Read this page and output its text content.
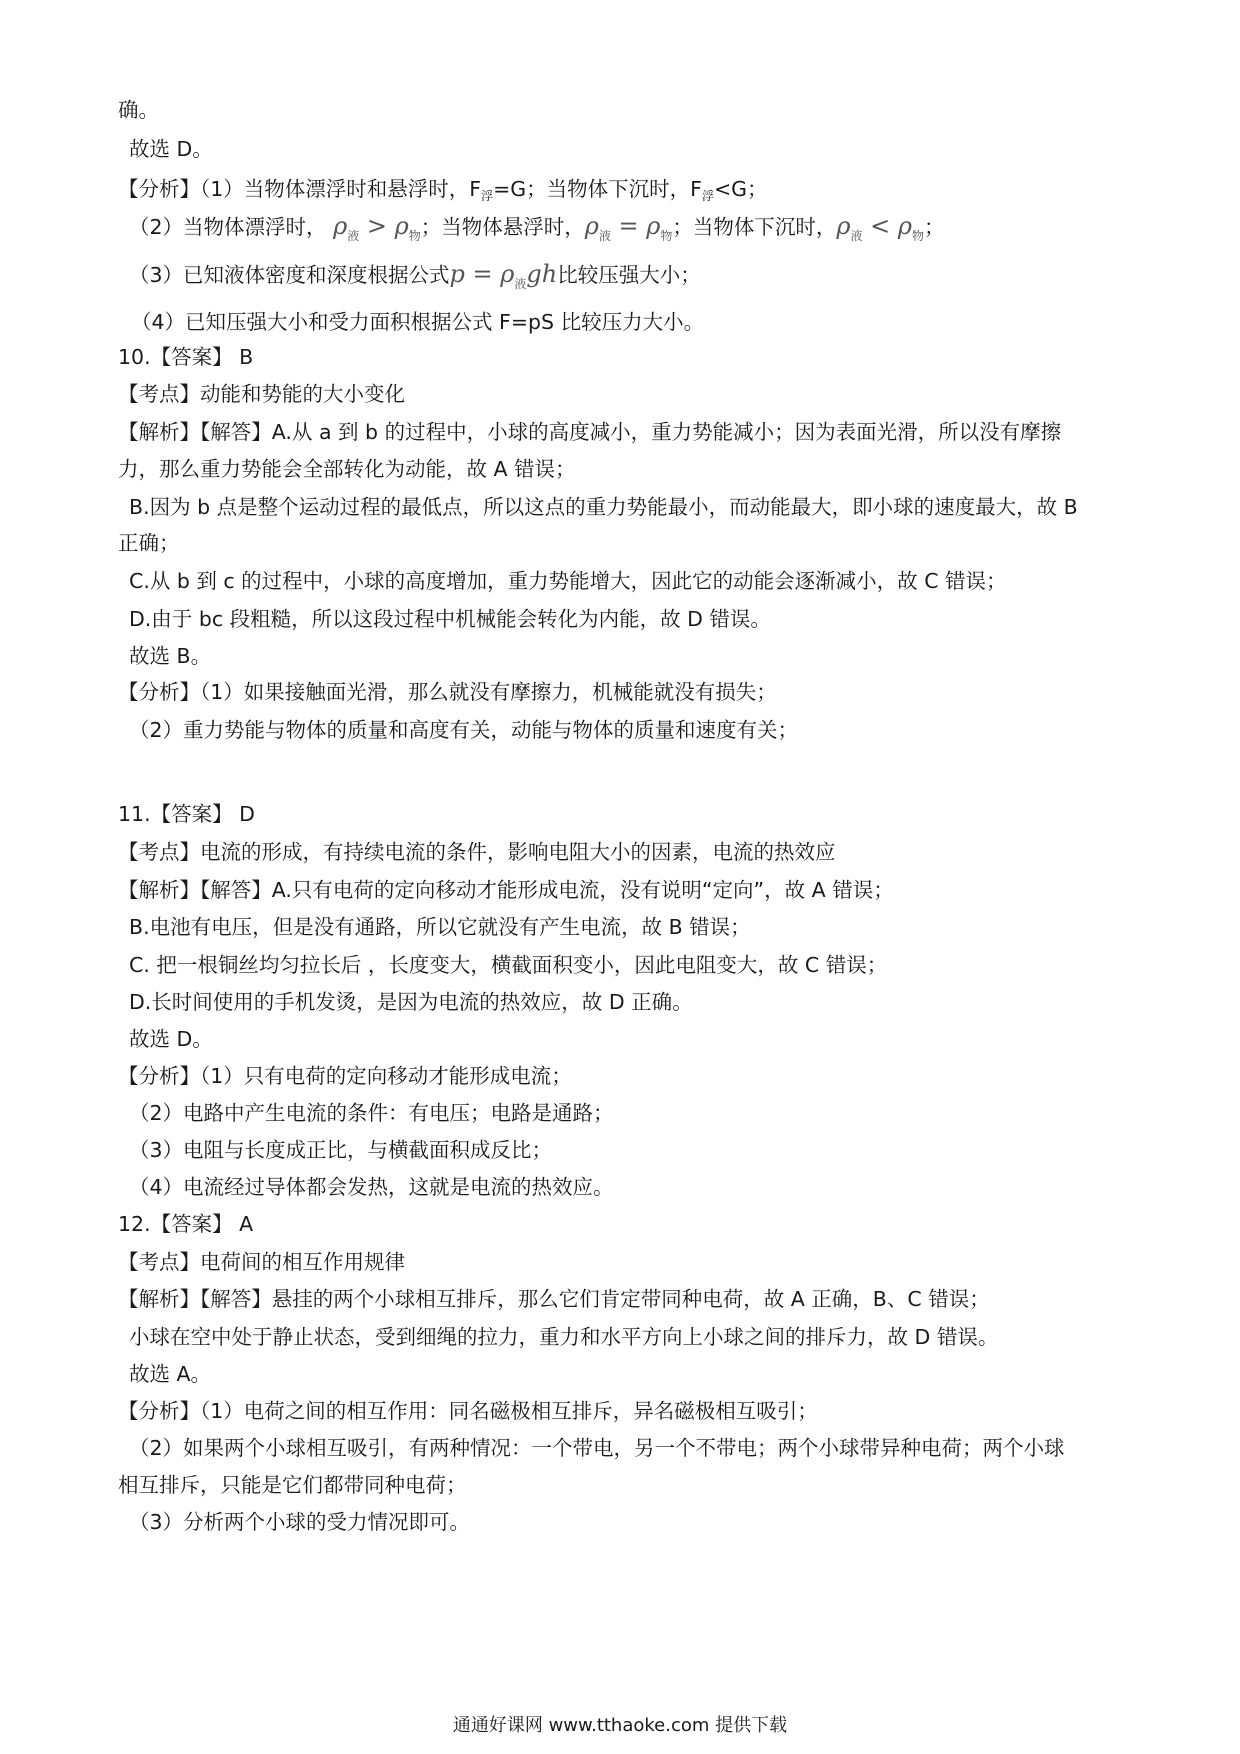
确。
故选 D。
【分析】（1）当物体漂浮时和悬浮时，F浮=G；当物体下沉时，F浮<G；
（2）当物体漂浮时， $\rho_液 > \rho_物$；当物体悬浮时，$\rho_液 = \rho_物$；当物体下沉时，$\rho_液 < \rho_物$；
（3）已知液体密度和深度根据公式$p = \rho_液gh$比较压强大小；
（4）已知压强大小和受力面积根据公式 F=pS 比较压力大小。
10.【答案】 B
【考点】动能和势能的大小变化
【解析】【解答】A.从 a 到 b 的过程中，小球的高度减小，重力势能减小；因为表面光滑，所以没有摩擦
力，那么重力势能会全部转化为动能，故 A 错误；
B.因为 b 点是整个运动过程的最低点，所以这点的重力势能最小，而动能最大，即小球的速度最大，故 B
正确；
C.从 b 到 c 的过程中，小球的高度增加，重力势能增大，因此它的动能会逐渐减小，故 C 错误；
D.由于 bc 段粗糙，所以这段过程中机械能会转化为内能，故 D 错误。
故选 B。
【分析】（1）如果接触面光滑，那么就没有摩擦力，机械能就没有损失；
（2）重力势能与物体的质量和高度有关，动能与物体的质量和速度有关；
11.【答案】 D
【考点】电流的形成，有持续电流的条件，影响电阻大小的因素，电流的热效应
【解析】【解答】A.只有电荷的定向移动才能形成电流，没有说明“定向”，故 A 错误；
B.电池有电压，但是没有通路，所以它就没有产生电流，故 B 错误；
C. 把一根铜丝均匀拉长后 ，长度变大，横截面积变小，因此电阻变大，故 C 错误；
D.长时间使用的手机发烫，是因为电流的热效应，故 D 正确。
故选 D。
【分析】（1）只有电荷的定向移动才能形成电流；
（2）电路中产生电流的条件：有电压；电路是通路；
（3）电阻与长度成正比，与横截面积成反比；
（4）电流经过导体都会发热，这就是电流的热效应。
12.【答案】 A
【考点】电荷间的相互作用规律
【解析】【解答】悬挂的两个小球相互排斥，那么它们肯定带同种电荷，故 A 正确，B、C 错误；
小球在空中处于静止状态，受到细绳的拉力，重力和水平方向上小球之间的排斥力，故 D 错误。
故选 A。
【分析】（1）电荷之间的相互作用：同名磁极相互排斥，异名磁极相互吸引；
（2）如果两个小球相互吸引，有两种情况：一个带电，另一个不带电；两个小球带异种电荷；两个小球
相互排斥，只能是它们都带同种电荷；
（3）分析两个小球的受力情况即可。
通通好课网 www.tthaoke.com 提供下载
